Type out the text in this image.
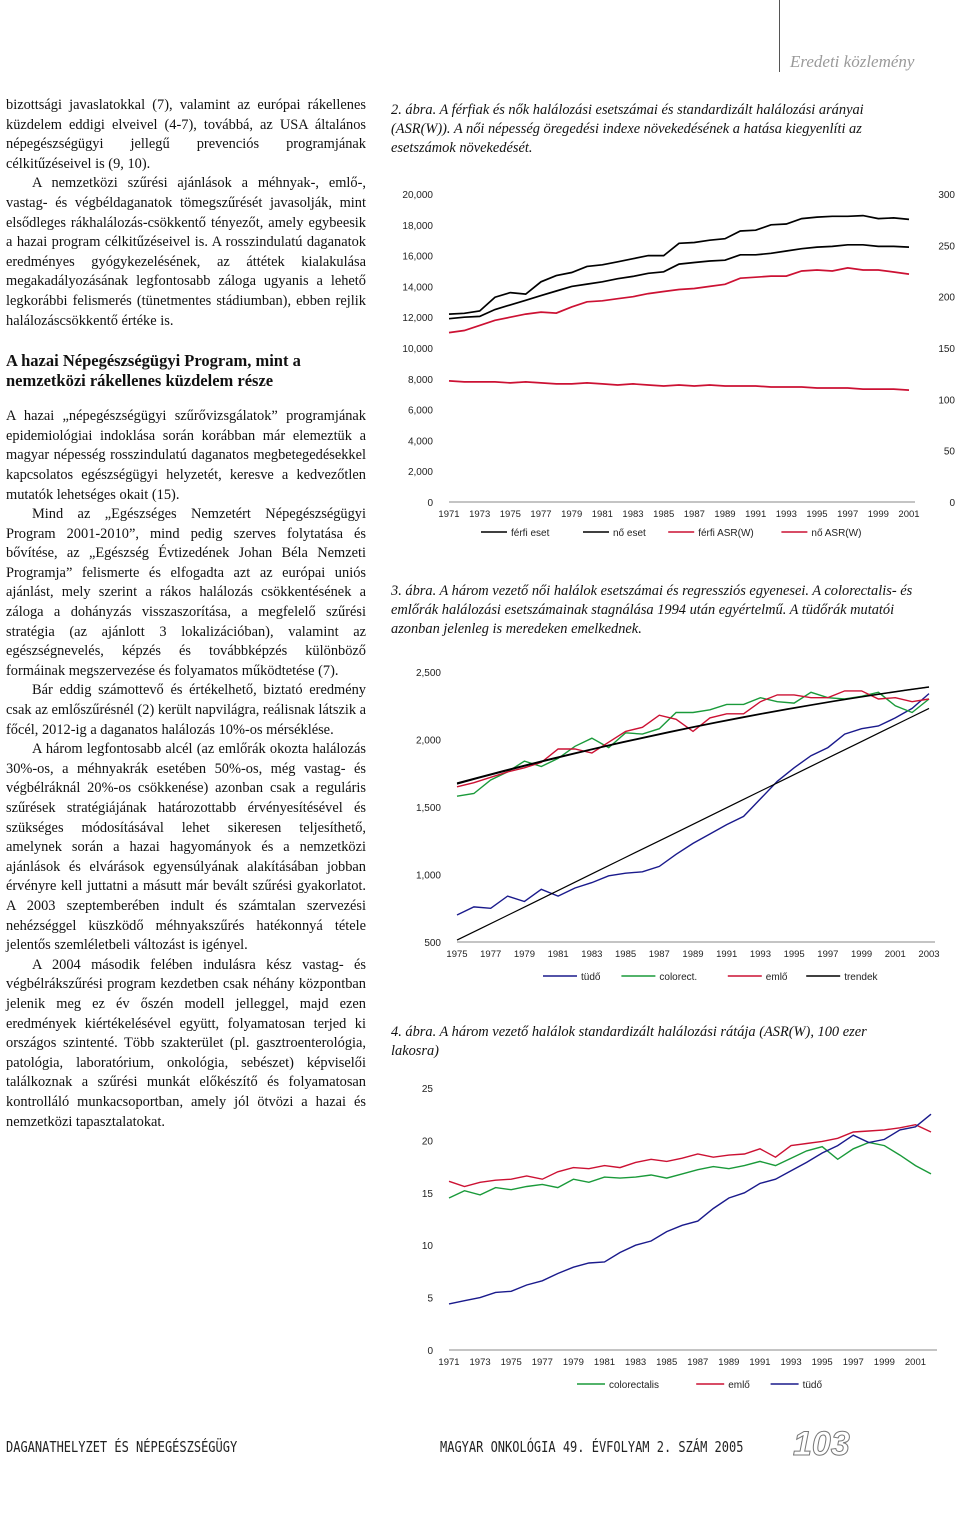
Eredeti közlemény

bizottsági javaslatokkal (7), valamint az európai rákellenes küzdelem eddigi elveivel (4-7), továbbá, az USA általános népegészségügyi jellegű prevenciós programjának célkitűzéseivel is (9, 10).

A nemzetközi szűrési ajánlások a méhnyak-, emlő-, vastag- és végbéldaganatok tömegszűrését javasolják, mint elsődleges rákhalálozás-csökkentő tényezőt, amely egybeesik a hazai program célkitűzéseivel is. A rosszindulatú daganatok eredményes gyógykezelésének, az áttétek kialakulása megakadályozásának legfontosabb záloga ugyanis a lehető legkorábbi felismerés (tünetmentes stádiumban), ebben rejlik halálozáscsökkentő értéke is.

A hazai Népegészségügyi Program, mint a nemzetközi rákellenes küzdelem része

A hazai „népegészségügyi szűrővizsgálatok” programjának epidemiológiai indoklása során korábban már elemeztük a magyar népesség rosszindulatú daganatos megbetegedésekkel kapcsolatos egészségügyi helyzetét, keresve a kedvezőtlen mutatók lehetséges okait (15).

Mind az „Egészséges Nemzetért Népegészségügyi Program 2001-2010”, mind pedig szerves folytatása és bővítése, az „Egészség Évtizedének Johan Béla Nemzeti Programja” felismerte és elfogadta azt az európai uniós ajánlást, mely szerint a rákos halálozás csökkentésének a záloga a dohányzás visszaszorítása, a megfelelő szűrési stratégia (az ajánlott 3 lokalizációban), valamint az egészségnevelés, képzés és továbbképzés különböző formáinak megszervezése és folyamatos működtetése (7).

Bár eddig számottevő és értékelhető, biztató eredmény csak az emlőszűrésnél (2) került napvilágra, reálisnak látszik a főcél, 2012-ig a daganatos halálozás 10%-os mérséklése.

A három legfontosabb alcél (az emlőrák okozta halálozás 30%-os, a méhnyakrák esetében 50%-os, még vastag- és végbélráknál 20%-os csökkenése) azonban csak a reguláris szűrések stratégiájának határozottabb érvényesítésével és szükséges módosításával lehet sikeresen teljesíthető, amelynek során a hazai hagyományok és a nemzetközi ajánlások és elvárások egyensúlyának alakításában jobban érvényre kell juttatni a másutt már bevált szűrési gyakorlatot. A 2003 szeptemberében indult és számtalan szervezési nehézséggel küszködő méhnyakszűrés hatékonnyá tétele jelentős szemléletbeli változást is igényel.

A 2004 második felében indulásra kész vastag- és végbélrákszűrési program kezdetben csak néhány központban jelenik meg ez év őszén modell jelleggel, majd ezen eredmények kiértékelésével együtt, folyamatosan terjed ki országos szintenté. Több szakterület (pl. gasztroenterológia, patológia, laboratórium, onkológia, sebészet) képviselői találkoznak a szűrési munkát előkészítő és folyamatosan kontrolláló munkacsoportban, amely jól ötvözi a hazai és nemzetközi tapasztalatokat.

2. ábra. A férfiak és nők halálozási esetszámai és standardizált halálozási arányai (ASR(W)). A női népesség öregedési indexe növekedésének a hatása kiegyenlíti az esetszámok növekedését.
0
2,000
4,000
6,000
8,000
10,000
12,000
14,000
16,000
18,000
20,000
0
50
100
150
200
250
300
1971 1973 1975 1977 1979 1981 1983 1985 1987 1989 1991 1993 1995 1997 1999 2001
férfi eset	nő eset	férfi ASR(W)	nő ASR(W)
3. ábra. A három vezető női halálok esetszámai és regressziós egyenesei. A colorectalis- és emlőrák halálozási esetszámainak stagnálása 1994 után egyértelmű. A tüdőrák mutatói azonban jelenleg is meredeken emelkednek.
500
1,000
1,500
2,000
2,500
1975 1977 1979 1981 1983 1985 1987 1989 1991 1993 1995 1997 1999 2001 2003
tüdő	colorect.	emlő	trendek
4. ábra. A három vezető halálok standardizált halálozási rátája (ASR(W), 100 ezer lakosra)
0
5
10
15
20
25
1971 1973 1975 1977 1979 1981 1983 1985 1987 1989 1991 1993 1995 1997 1999 2001
colorectalis	emlő	tüdő
DAGANATHELYZET ÉS NÉPEGÉSZSÉGÜGY	MAGYAR ONKOLÓGIA 49. ÉVFOLYAM 2. SZÁM 2005 103
